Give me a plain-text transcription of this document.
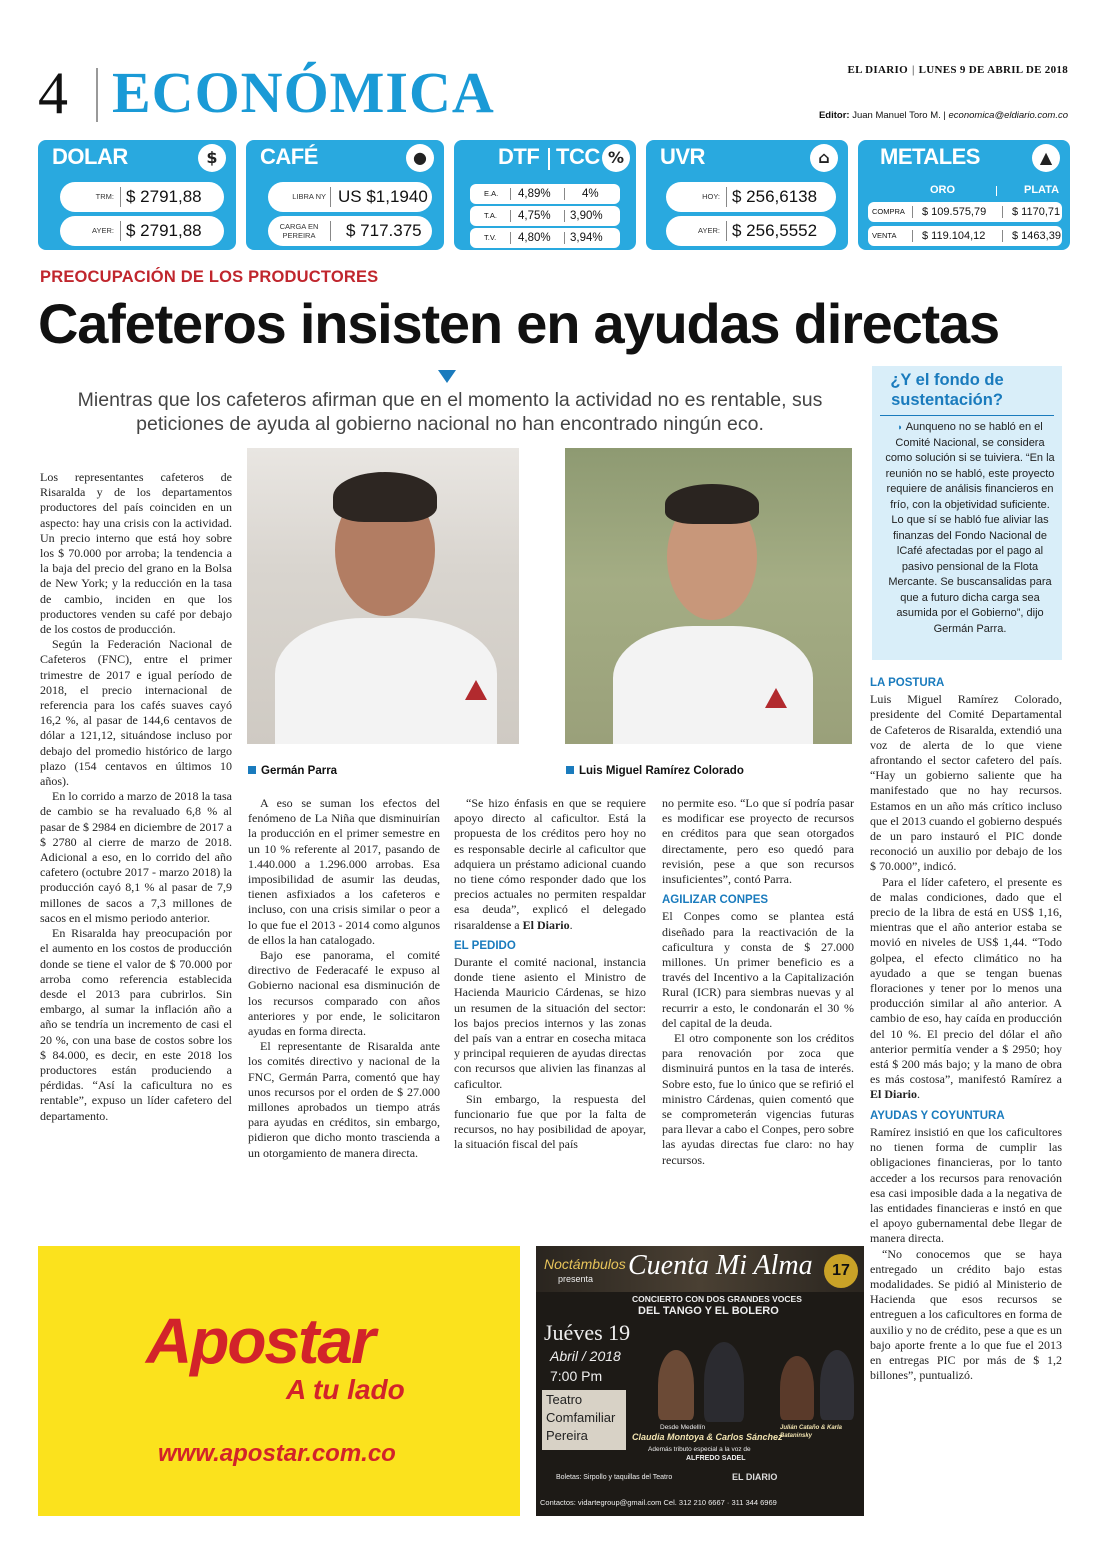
4 ECONÓMICA	EL DIARIO | LUNES 9 DE ABRIL DE 2018
Editor: Juan Manuel Toro M. | economica@eldiario.com.co
DOLAR	$
TRM: $ 2791,88
AYER: $ 2791,88
CAFÉ	●
LIBRA NY US $1,1940
CARGA EN PEREIRA	$ 717.375
DTF TCC %
E.A. 4,89%	4%
T.A. 4,75% 3,90%
T.V. 4,80% 3,94%
UVR	⌂
HOY: $ 256,6138
AYER: $ 256,5552
METALES	▲
ORO	PLATA
COMPRA $ 109.575,79 $ 1170,71
VENTA $ 119.104,12 $ 1463,39
PREOCUPACIÓN DE LOS PRODUCTORES
Cafeteros insisten en ayudas directas
Mientras que los cafeteros afirman que en el momento la actividad no es rentable, sus
peticiones de ayuda al gobierno nacional no han encontrado ningún eco.
¿Y el fondo de sustentación?
◗ Aunqueno no se habló en el Comité Nacional, se considera como solución si se tuiviera. “En la reunión no se habló, este proyecto requiere de análisis financieros en frío, con la objetividad suficiente. Lo que sí se habló fue aliviar las finanzas del Fondo Nacional de lCafé afectadas por el pago al pasivo pensional de la Flota Mercante. Se buscansalidas para que a futuro dicha carga sea asumida por el Gobierno”, dijo Germán Parra.
Germán Parra	Luis Miguel Ramírez Colorado

Los representantes cafeteros de Risaralda y de los departamentos productores del país coinciden en un aspecto: hay una crisis con la actividad. Un precio interno que está hoy sobre los $ 70.000 por arroba; la tendencia a la baja del precio del grano en la Bolsa de New York; y la reducción en la tasa de cambio, inciden en que los productores venden su café por debajo de los costos de producción.

Según la Federación Nacional de Cafeteros (FNC), entre el primer trimestre de 2017 e igual período de 2018, el precio internacional de referencia para los cafés suaves cayó 16,2 %, al pasar de 144,6 centavos de dólar a 121,12, situándose incluso por debajo del promedio histórico de largo plazo (154 centavos en últimos 10 años).

En lo corrido a marzo de 2018 la tasa de cambio se ha revaluado 6,8 % al pasar de $ 2984 en diciembre de 2017 a $ 2780 al cierre de marzo de 2018. Adicional a eso, en lo corrido del año cafetero (octubre 2017 - marzo 2018) la producción cayó 8,1 % al pasar de 7,9 millones de sacos a 7,3 millones de sacos en el mismo periodo anterior.

En Risaralda hay preocupación por el aumento en los costos de producción donde se tiene el valor de $ 70.000 por arroba como referencia establecida desde el 2013 para cubrirlos. Sin embargo, al sumar la inflación año a año se tendría un incremento de casi el 20 %, con una base de costos sobre los $ 84.000, es decir, en este 2018 los productores están produciendo a pérdidas. “Así la caficultura no es rentable”, expuso un líder cafetero del departamento.

A eso se suman los efectos del fenómeno de La Niña que disminuirían la producción en el primer semestre en un 10 % referente al 2017, pasando de 1.440.000 a 1.296.000 arrobas. Esa imposibilidad de asumir las deudas, tienen asfixiados a los cafeteros e incluso, con una crisis similar o peor a lo que fue el 2013 - 2014 como algunos de ellos la han catalogado.

Bajo ese panorama, el comité directivo de Federacafé le expuso al Gobierno nacional esa disminución de los recursos comparado con años anteriores y por ende, le solicitaron ayudas en forma directa.

El representante de Risaralda ante los comités directivo y nacional de la FNC, Germán Parra, comentó que hay unos recursos por el orden de $ 27.000 millones aprobados un tiempo atrás para ayudas en créditos, sin embargo, pidieron que dicho monto trascienda a un otorgamiento de manera directa.

“Se hizo énfasis en que se requiere apoyo directo al caficultor. Está la propuesta de los créditos pero hoy no es responsable decirle al caficultor que adquiera un préstamo adicional cuando no tiene cómo responder dado que los precios actuales no permiten respaldar esa deuda”, explicó el delegado risaraldense a El Diario.

EL PEDIDO

Durante el comité nacional, instancia donde tiene asiento el Ministro de Hacienda Mauricio Cárdenas, se hizo un resumen de la situación del sector: los bajos precios internos y las zonas del país van a entrar en cosecha mitaca y principal requieren de ayudas directas con recursos que alivien las finanzas al caficultor.

Sin embargo, la respuesta del funcionario fue que por la falta de recursos, no hay posibilidad de apoyar, la situación fiscal del país

no permite eso. “Lo que sí podría pasar es modificar ese proyecto de recursos en créditos para que sean otorgados directamente, pero eso quedó para revisión, pese a que son recursos insuficientes”, contó Parra.

AGILIZAR CONPES

El Conpes como se plantea está diseñado para la reactivación de la caficultura y consta de $ 27.000 millones. Un primer beneficio es a través del Incentivo a la Capitalización Rural (ICR) para siembras nuevas y al recurrir a esto, le condonarán el 30 % del capital de la deuda.

El otro componente son los créditos para renovación por zoca que disminuirá puntos en la tasa de interés. Sobre esto, fue lo único que se refirió el ministro Cárdenas, quien comentó que se comprometerán vigencias futuras para llevar a cabo el Conpes, pero sobre las ayudas directas fue claro: no hay recursos.

LA POSTURA

Luis Miguel Ramírez Colorado, presidente del Comité Departamental de Cafeteros de Risaralda, extendió una voz de alerta de lo que viene afrontando el sector cafetero del país. “Hay un gobierno saliente que ha manifestado que no hay recursos. Estamos en un año más crítico incluso que el 2013 cuando el gobierno después de un paro instauró el PIC donde reconoció un auxilio por debajo de los $ 70.000”, indicó.

Para el líder cafetero, el presente es de malas condiciones, dado que el precio de la libra de está en US$ 1,16, mientras que el año anterior estaba se movió en niveles de US$ 1,44. “Todo golpea, el efecto climático no ha ayudado a que se tengan buenas floraciones y tener por lo menos una producción similar al año anterior. A cambio de eso, hay caída en producción del 10 %. El precio del dólar el año anterior permitía vender a $ 2950; hoy está $ 200 más bajo; y la mano de obra es más costosa”, manifestó Ramírez a El Diario.

AYUDAS Y COYUNTURA

Ramírez insistió en que los caficultores no tienen forma de cumplir las obligaciones financieras, por lo tanto acceder a los recursos para renovación esa casi imposible dada a la negativa de las entidades financieras e instó en que el apoyo gubernamental debe llegar de manera directa.

“No conocemos que se haya entregado un crédito bajo estas modalidades. Se pidió al Ministerio de Hacienda que esos recursos se entreguen a los caficultores en forma de auxilio y no de crédito, pese a que es un bajo aporte frente a lo que fue el 2013 en entregas PIC por más de $ 1,2 billones”, puntualizó.

Apostar
A tu lado
www.apostar.com.co
Noctámbulos
presenta Cuenta Mi Alma	17
CONCIERTO CON DOS GRANDES VOCES
DEL TANGO Y EL BOLERO
Juéves 19
Abril / 2018
7:00 Pm
Teatro
Comfamiliar
Pereira
Desde Medellín
Claudia Montoya & Carlos Sánchez
Julián Cataño & Karla Bataninsky
Además tributo especial a la voz de
ALFREDO SADEL
Boletas: Sirpollo y taquillas del Teatro	EL DIARIO
Contactos: vidartegroup@gmail.com Cel. 312 210 6667 · 311 344 6969
